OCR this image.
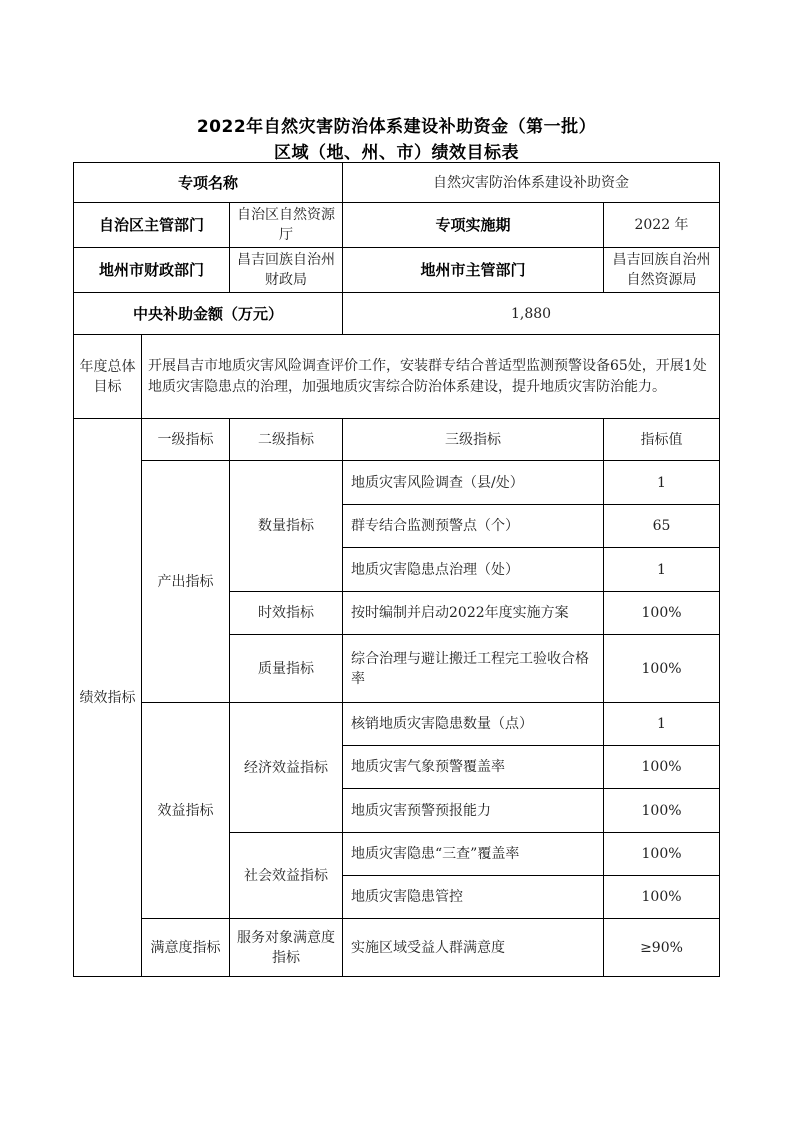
2022年自然灾害防治体系建设补助资金（第一批）
区域（地、州、市）绩效目标表
专项名称			自然灾害防治体系建设补助资金	
自治区主管部门		自治区自然资源厅	专项实施期	2022 年
地州市财政部门		昌吉回族自治州财政局	地州市主管部门	昌吉回族自治州自然资源局
中央补助金额（万元）			1,880	
年度总体目标	开展昌吉市地质灾害风险调查评价工作，安装群专结合普适型监测预警设备65处，开展1处地质灾害隐患点的治理，加强地质灾害综合防治体系建设，提升地质灾害防治能力。			
绩效指标	一级指标	二级指标	三级指标	指标值
	产出指标	数量指标	地质灾害风险调查（县/处）	1
			群专结合监测预警点（个）	65
			地质灾害隐患点治理（处）	1
		时效指标	按时编制并启动2022年度实施方案	100%
		质量指标	综合治理与避让搬迁工程完工验收合格率	100%
	效益指标	经济效益指标	核销地质灾害隐患数量（点）	1
			地质灾害气象预警覆盖率	100%
			地质灾害预警预报能力	100%
		社会效益指标	地质灾害隐患“三查”覆盖率	100%
			地质灾害隐患管控	100%
	满意度指标	服务对象满意度指标	实施区域受益人群满意度	≥90%
